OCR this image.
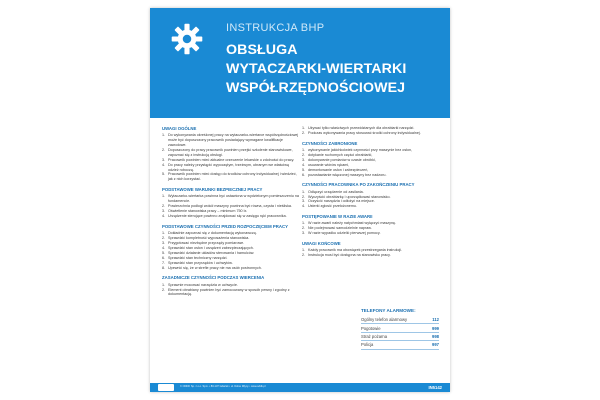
INSTRUKCJA BHP
OBSŁUGA
WYTACZARKI-WIERTARKI
WSPÓŁRZĘDNOŚCIOWEJ
UWAGI OGÓLNE
1. Do wykonywania określonej pracy na wytaczarko-wiertarce współrzędnościowej może być dopuszczony pracownik posiadający wymagane kwalifikacje zawodowe.
2. Dopuszczony do pracy pracownik powinien przejść szkolenie stanowiskowe, zapoznać się z instrukcją obsługi.
3. Pracownik powinien mieć aktualne orzeczenie lekarskie o zdolności do pracy.
4. Do pracy należy przystąpić wypoczętym, trzeźwym, ubranym we właściwą odzież roboczą.
5. Pracownik powinien mieć dostęp do środków ochrony indywidualnej i wiedzieć, jak z nich korzystać.
PODSTAWOWE WARUNKI BEZPIECZNEJ PRACY
1. Wytaczarko-wiertarka powinna być ustawiona w wydzielonym pomieszczeniu na fundamencie.
2. Powierzchnia podłogi wokół maszyny powinna być równa, czysta i nieśliska.
3. Oświetlenie stanowiska pracy – minimum 750 lx.
4. Urządzenie sterujące powinno znajdować się w zasięgu ręki pracownika.
PODSTAWOWE CZYNNOŚCI PRZED ROZPOCZĘCIEM PRACY
1. Dokładnie zapoznać się z dokumentacją wykonawczą.
2. Sprawdzić kompletność wyposażenia stanowiska.
3. Przygotować niezbędne przyrządy pomiarowe.
4. Sprawdzić stan osłon i urządzeń zabezpieczających.
5. Sprawdzić działanie układów sterowania i hamulców.
6. Sprawdzić stan techniczny narzędzi.
7. Sprawdzić stan przyrządów i uchwytów.
8. Upewnić się, że w strefie pracy nie ma osób postronnych.
ZASADNICZE CZYNNOŚCI PODCZAS WIERCENIA
1. Sprawnie mocować narzędzia w uchwycie.
2. Element obrabiany powinien być zamocowany w sposób pewny i zgodny z dokumentacją.
1. Używać tylko właściwych przewidzianych dla obrabiarki narzędzi.
2. Podczas wykonywania pracy stosować środki ochrony indywidualnej.
CZYNNOŚCI ZABRONIONE
1. wykonywanie jakichkolwiek czynności przy maszynie bez osłon,
2. dotykanie ruchomych części obrabiarki,
3. dokonywanie pomiarów w czasie obróbki,
4. usuwanie wiórów rękami,
5. demontowanie osłon i zabezpieczeń,
6. pozostawianie włączonej maszyny bez nadzoru.
CZYNNOŚCI PRACOWNIKA PO ZAKOŃCZENIU PRACY
1. Odłączyć urządzenie od zasilania.
2. Wyczyścić obrabiarkę i uporządkować stanowisko.
3. Oczyścić narzędzia i odłożyć na miejsce.
4. Usterki zgłosić przełożonemu.
POSTĘPOWANIE W RAZIE AWARII
1. W razie awarii należy natychmiast wyłączyć maszynę.
2. Nie podejmować samodzielnie napraw.
3. W razie wypadku udzielić pierwszej pomocy.
UWAGI KOŃCOWE
1. Każdy pracownik ma obowiązek przestrzegania instrukcji.
2. Instrukcja musi być dostępna na stanowisku pracy.
TELEFONY ALARMOWE:
Ogólny telefon alarmowy	112
Pogotowie	999
Straż pożarna	998
Policja	997
© ODDK Sp. z o.o. Sp.k. • 80-137 Gdańsk • ul. Dolne Młyny • www.oddk.pl	IN5142
